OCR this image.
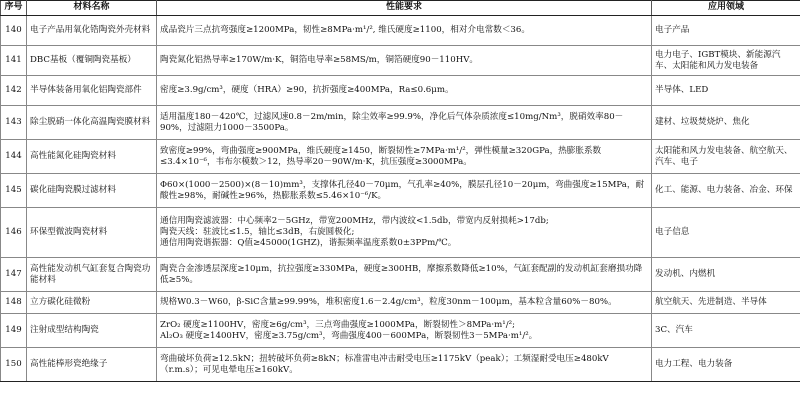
序号	材料名称	性能要求	应用领域
140	电子产品用氧化锆陶瓷外壳材料	成品瓷片三点抗弯强度≥1200MPa，韧性≥8MPa·m¹/², 维氏硬度≥1100，相对介电常数＜36。	电子产品
141	DBC基板（覆铜陶瓷基板）	陶瓷氮化铝热导率≥170W/m·K，铜箔电导率≥58MS/m，铜箔硬度90－110HV。	电力电子、IGBT模块、新能源汽车、太阳能和风力发电装备
142	半导体装备用氧化铝陶瓷部件	密度≥3.9g/cm³，硬度（HRA）≥90，抗折强度≥400MPa，Ra≤0.6μm。	半导体、LED
143	除尘脱硝一体化高温陶瓷膜材料	适用温度180－420℃，过滤风速0.8－2m/min，除尘效率≥99.9%，净化后气体杂质浓度≤10mg/Nm³，脱硝效率80－90%，过滤阻力1000－3500Pa。	建材、垃圾焚烧炉、焦化
144	高性能氮化硅陶瓷材料	致密度≥99%，弯曲强度≥900MPa，维氏硬度≥1450，断裂韧性≥7MPa·m¹/²，弹性模量≥320GPa，热膨胀系数≤3.4×10⁻⁶，韦布尔模数＞12，热导率20－90W/m·K，抗压强度≥3000MPa。	太阳能和风力发电装备、航空航天、汽车、电子
145	碳化硅陶瓷膜过滤材料	Φ60×(1000－2500)×(8－10)mm³，支撑体孔径40－70μm，气孔率≥40%，膜层孔径10－20μm，弯曲强度≥15MPa，耐酸性≥98%，耐碱性≥96%，热膨胀系数≤5.46×10⁻⁶/K。	化工、能源、电力装备、冶金、环保
146	环保型微波陶瓷材料	通信用陶瓷滤波器：中心频率2－5GHz，带宽200MHz，带内波纹<1.5db，带宽内反射损耗>17db;
陶瓷天线：驻波比≤1.5，轴比≤3dB，右旋圆极化;
通信用陶瓷谐振器：Q值≥45000(1GHZ)，谐振频率温度系数0±3PPm/℃。	电子信息
147	高性能发动机气缸套复合陶瓷功能材料	陶瓷合金渗透层深度≥10μm，抗拉强度≥330MPa，硬度≥300HB，摩擦系数降低≥10%，气缸套配副的发动机缸套磨损功降低≥5%。	发动机、内燃机
148	立方碳化硅微粉	规格W0.3－W60，β-SiC含量≥99.99%，堆积密度1.6－2.4g/cm³，粒度30nm－100μm，基本粒含量60%－80%。	航空航天、先进制造、半导体
149	注射成型结构陶瓷	ZrO₂ 硬度≥1100HV，密度≥6g/cm³，三点弯曲强度≥1000MPa，断裂韧性＞8MPa·m¹/²;
Al₂O₃ 硬度≥1400HV，密度≥3.75g/cm³，弯曲强度400－600MPa，断裂韧性3－5MPa·m¹/²。	3C、汽车
150	高性能棒形瓷绝缘子	弯曲破坏负荷≥12.5kN；扭转破坏负荷≥8kN；标准雷电冲击耐受电压≥1175kV（peak）；工频湿耐受电压≥480kV（r.m.s）；可见电晕电压≥160kV。	电力工程、电力装备
